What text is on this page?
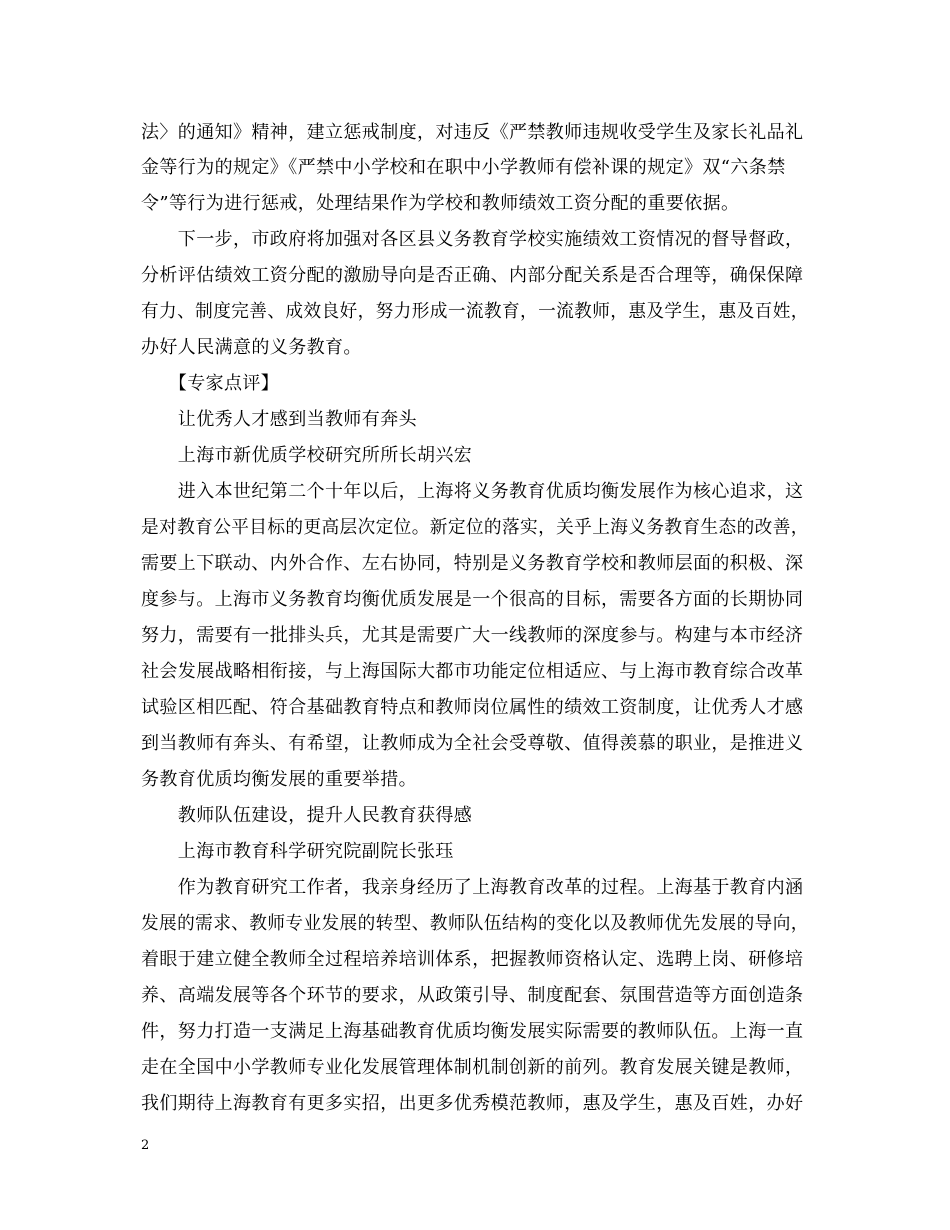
法〉的通知》精神，建立惩戒制度，对违反《严禁教师违规收受学生及家长礼品礼
金等行为的规定》《严禁中小学校和在职中小学教师有偿补课的规定》双“六条禁
令”等行为进行惩戒，处理结果作为学校和教师绩效工资分配的重要依据。
　　下一步，市政府将加强对各区县义务教育学校实施绩效工资情况的督导督政，
分析评估绩效工资分配的激励导向是否正确、内部分配关系是否合理等，确保保障
有力、制度完善、成效良好，努力形成一流教育，一流教师，惠及学生，惠及百姓，
办好人民满意的义务教育。
　　【专家点评】
　　让优秀人才感到当教师有奔头
　　上海市新优质学校研究所所长胡兴宏
　　进入本世纪第二个十年以后，上海将义务教育优质均衡发展作为核心追求，这
是对教育公平目标的更高层次定位。新定位的落实，关乎上海义务教育生态的改善，
需要上下联动、内外合作、左右协同，特别是义务教育学校和教师层面的积极、深
度参与。上海市义务教育均衡优质发展是一个很高的目标，需要各方面的长期协同
努力，需要有一批排头兵，尤其是需要广大一线教师的深度参与。构建与本市经济
社会发展战略相衔接，与上海国际大都市功能定位相适应、与上海市教育综合改革
试验区相匹配、符合基础教育特点和教师岗位属性的绩效工资制度，让优秀人才感
到当教师有奔头、有希望，让教师成为全社会受尊敬、值得羡慕的职业，是推进义
务教育优质均衡发展的重要举措。
　　教师队伍建设，提升人民教育获得感
　　上海市教育科学研究院副院长张珏
　　作为教育研究工作者，我亲身经历了上海教育改革的过程。上海基于教育内涵
发展的需求、教师专业发展的转型、教师队伍结构的变化以及教师优先发展的导向，
着眼于建立健全教师全过程培养培训体系，把握教师资格认定、选聘上岗、研修培
养、高端发展等各个环节的要求，从政策引导、制度配套、氛围营造等方面创造条
件，努力打造一支满足上海基础教育优质均衡发展实际需要的教师队伍。上海一直
走在全国中小学教师专业化发展管理体制机制创新的前列。教育发展关键是教师，
我们期待上海教育有更多实招，出更多优秀模范教师，惠及学生，惠及百姓，办好
2
